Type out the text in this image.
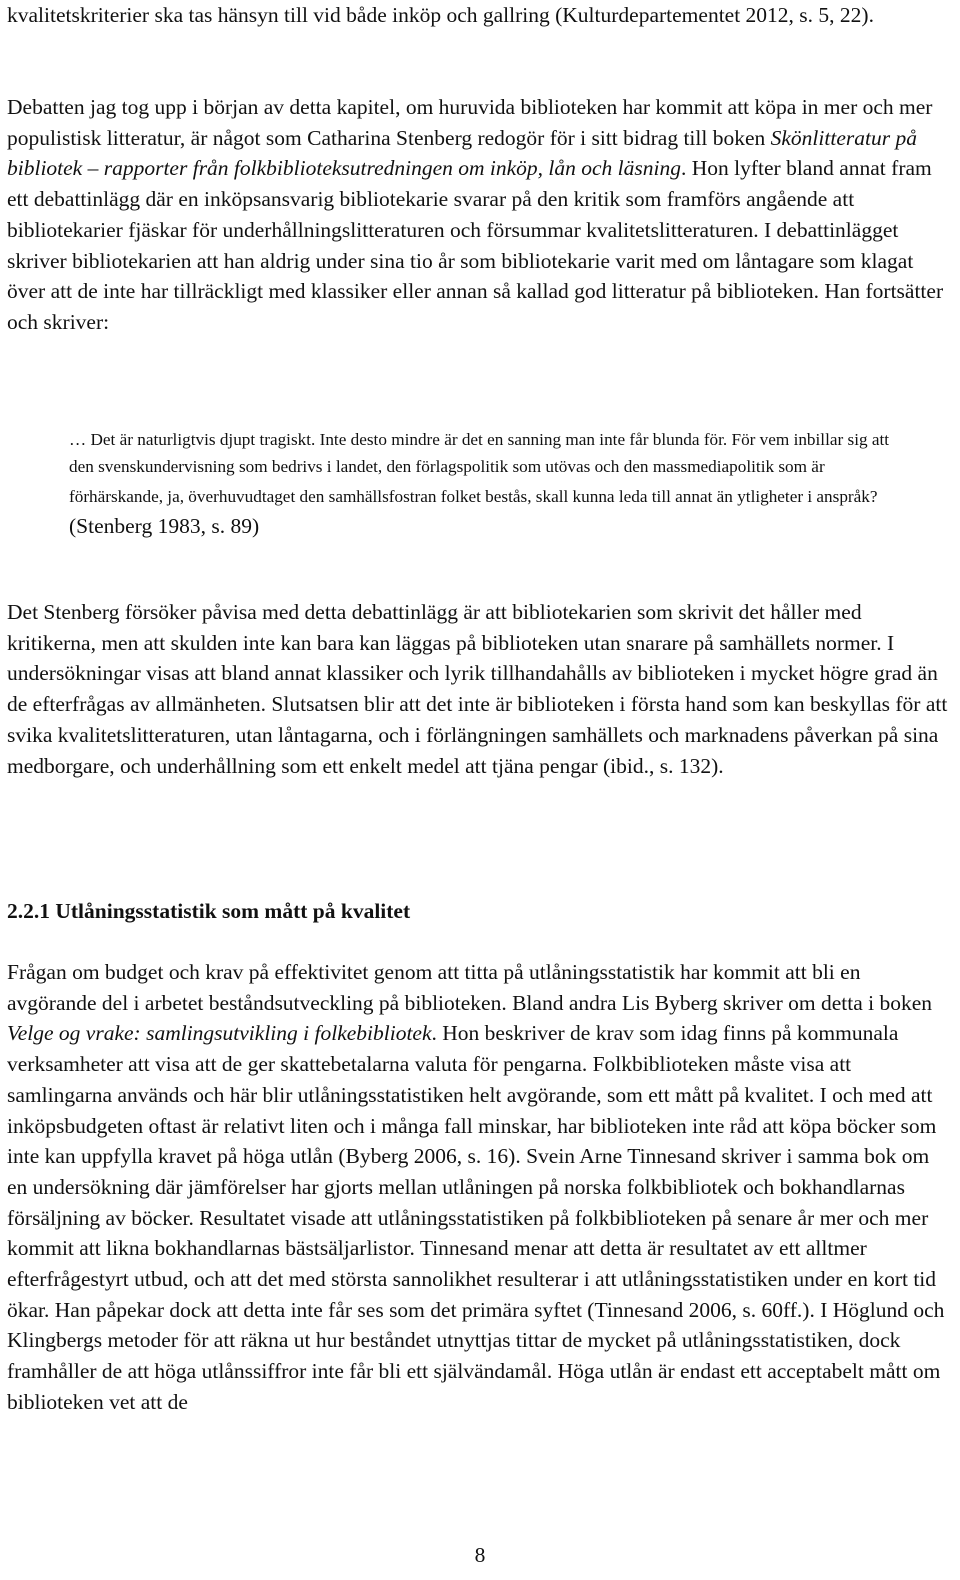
kvalitetskriterier ska tas hänsyn till vid både inköp och gallring (Kulturdepartementet 2012, s. 5, 22).

Debatten jag tog upp i början av detta kapitel, om huruvida biblioteken har kommit att köpa in mer och mer populistisk litteratur, är något som Catharina Stenberg redogör för i sitt bidrag till boken Skönlitteratur på bibliotek – rapporter från folkbiblioteksutredningen om inköp, lån och läsning. Hon lyfter bland annat fram ett debattinlägg där en inköpsansvarig bibliotekarie svarar på den kritik som framförs angående att bibliotekarier fjäskar för underhållningslitteraturen och försummar kvalitetslitteraturen. I debattinlägget skriver bibliotekarien att han aldrig under sina tio år som bibliotekarie varit med om låntagare som klagat över att de inte har tillräckligt med klassiker eller annan så kallad god litteratur på biblioteken. Han fortsätter och skriver:

… Det är naturligtvis djupt tragiskt. Inte desto mindre är det en sanning man inte får blunda för. För vem inbillar sig att den svenskundervisning som bedrivs i landet, den förlagspolitik som utövas och den massmediapolitik som är förhärskande, ja, överhuvudtaget den samhällsfostran folket bestås, skall kunna leda till annat än ytligheter i anspråk? (Stenberg 1983, s. 89)

Det Stenberg försöker påvisa med detta debattinlägg är att bibliotekarien som skrivit det håller med kritikerna, men att skulden inte kan bara kan läggas på biblioteken utan snarare på samhällets normer. I undersökningar visas att bland annat klassiker och lyrik tillhandahålls av biblioteken i mycket högre grad än de efterfrågas av allmänheten. Slutsatsen blir att det inte är biblioteken i första hand som kan beskyllas för att svika kvalitetslitteraturen, utan låntagarna, och i förlängningen samhällets och marknadens påverkan på sina medborgare, och underhållning som ett enkelt medel att tjäna pengar (ibid., s. 132).

2.2.1 Utlåningsstatistik som mått på kvalitet

Frågan om budget och krav på effektivitet genom att titta på utlåningsstatistik har kommit att bli en avgörande del i arbetet beståndsutveckling på biblioteken. Bland andra Lis Byberg skriver om detta i boken Velge og vrake: samlingsutvikling i folkebibliotek. Hon beskriver de krav som idag finns på kommunala verksamheter att visa att de ger skattebetalarna valuta för pengarna. Folkbiblioteken måste visa att samlingarna används och här blir utlåningsstatistiken helt avgörande, som ett mått på kvalitet. I och med att inköpsbudgeten oftast är relativt liten och i många fall minskar, har biblioteken inte råd att köpa böcker som inte kan uppfylla kravet på höga utlån (Byberg 2006, s. 16). Svein Arne Tinnesand skriver i samma bok om en undersökning där jämförelser har gjorts mellan utlåningen på norska folkbibliotek och bokhandlarnas försäljning av böcker. Resultatet visade att utlåningsstatistiken på folkbiblioteken på senare år mer och mer kommit att likna bokhandlarnas bästsäljarlistor. Tinnesand menar att detta är resultatet av ett alltmer efterfrågestyrt utbud, och att det med största sannolikhet resulterar i att utlåningsstatistiken under en kort tid ökar. Han påpekar dock att detta inte får ses som det primära syftet (Tinnesand 2006, s. 60ff.). I Höglund och Klingbergs metoder för att räkna ut hur beståndet utnyttjas tittar de mycket på utlåningsstatistiken, dock framhåller de att höga utlånssiffror inte får bli ett självändamål. Höga utlån är endast ett acceptabelt mått om biblioteken vet att de

8
